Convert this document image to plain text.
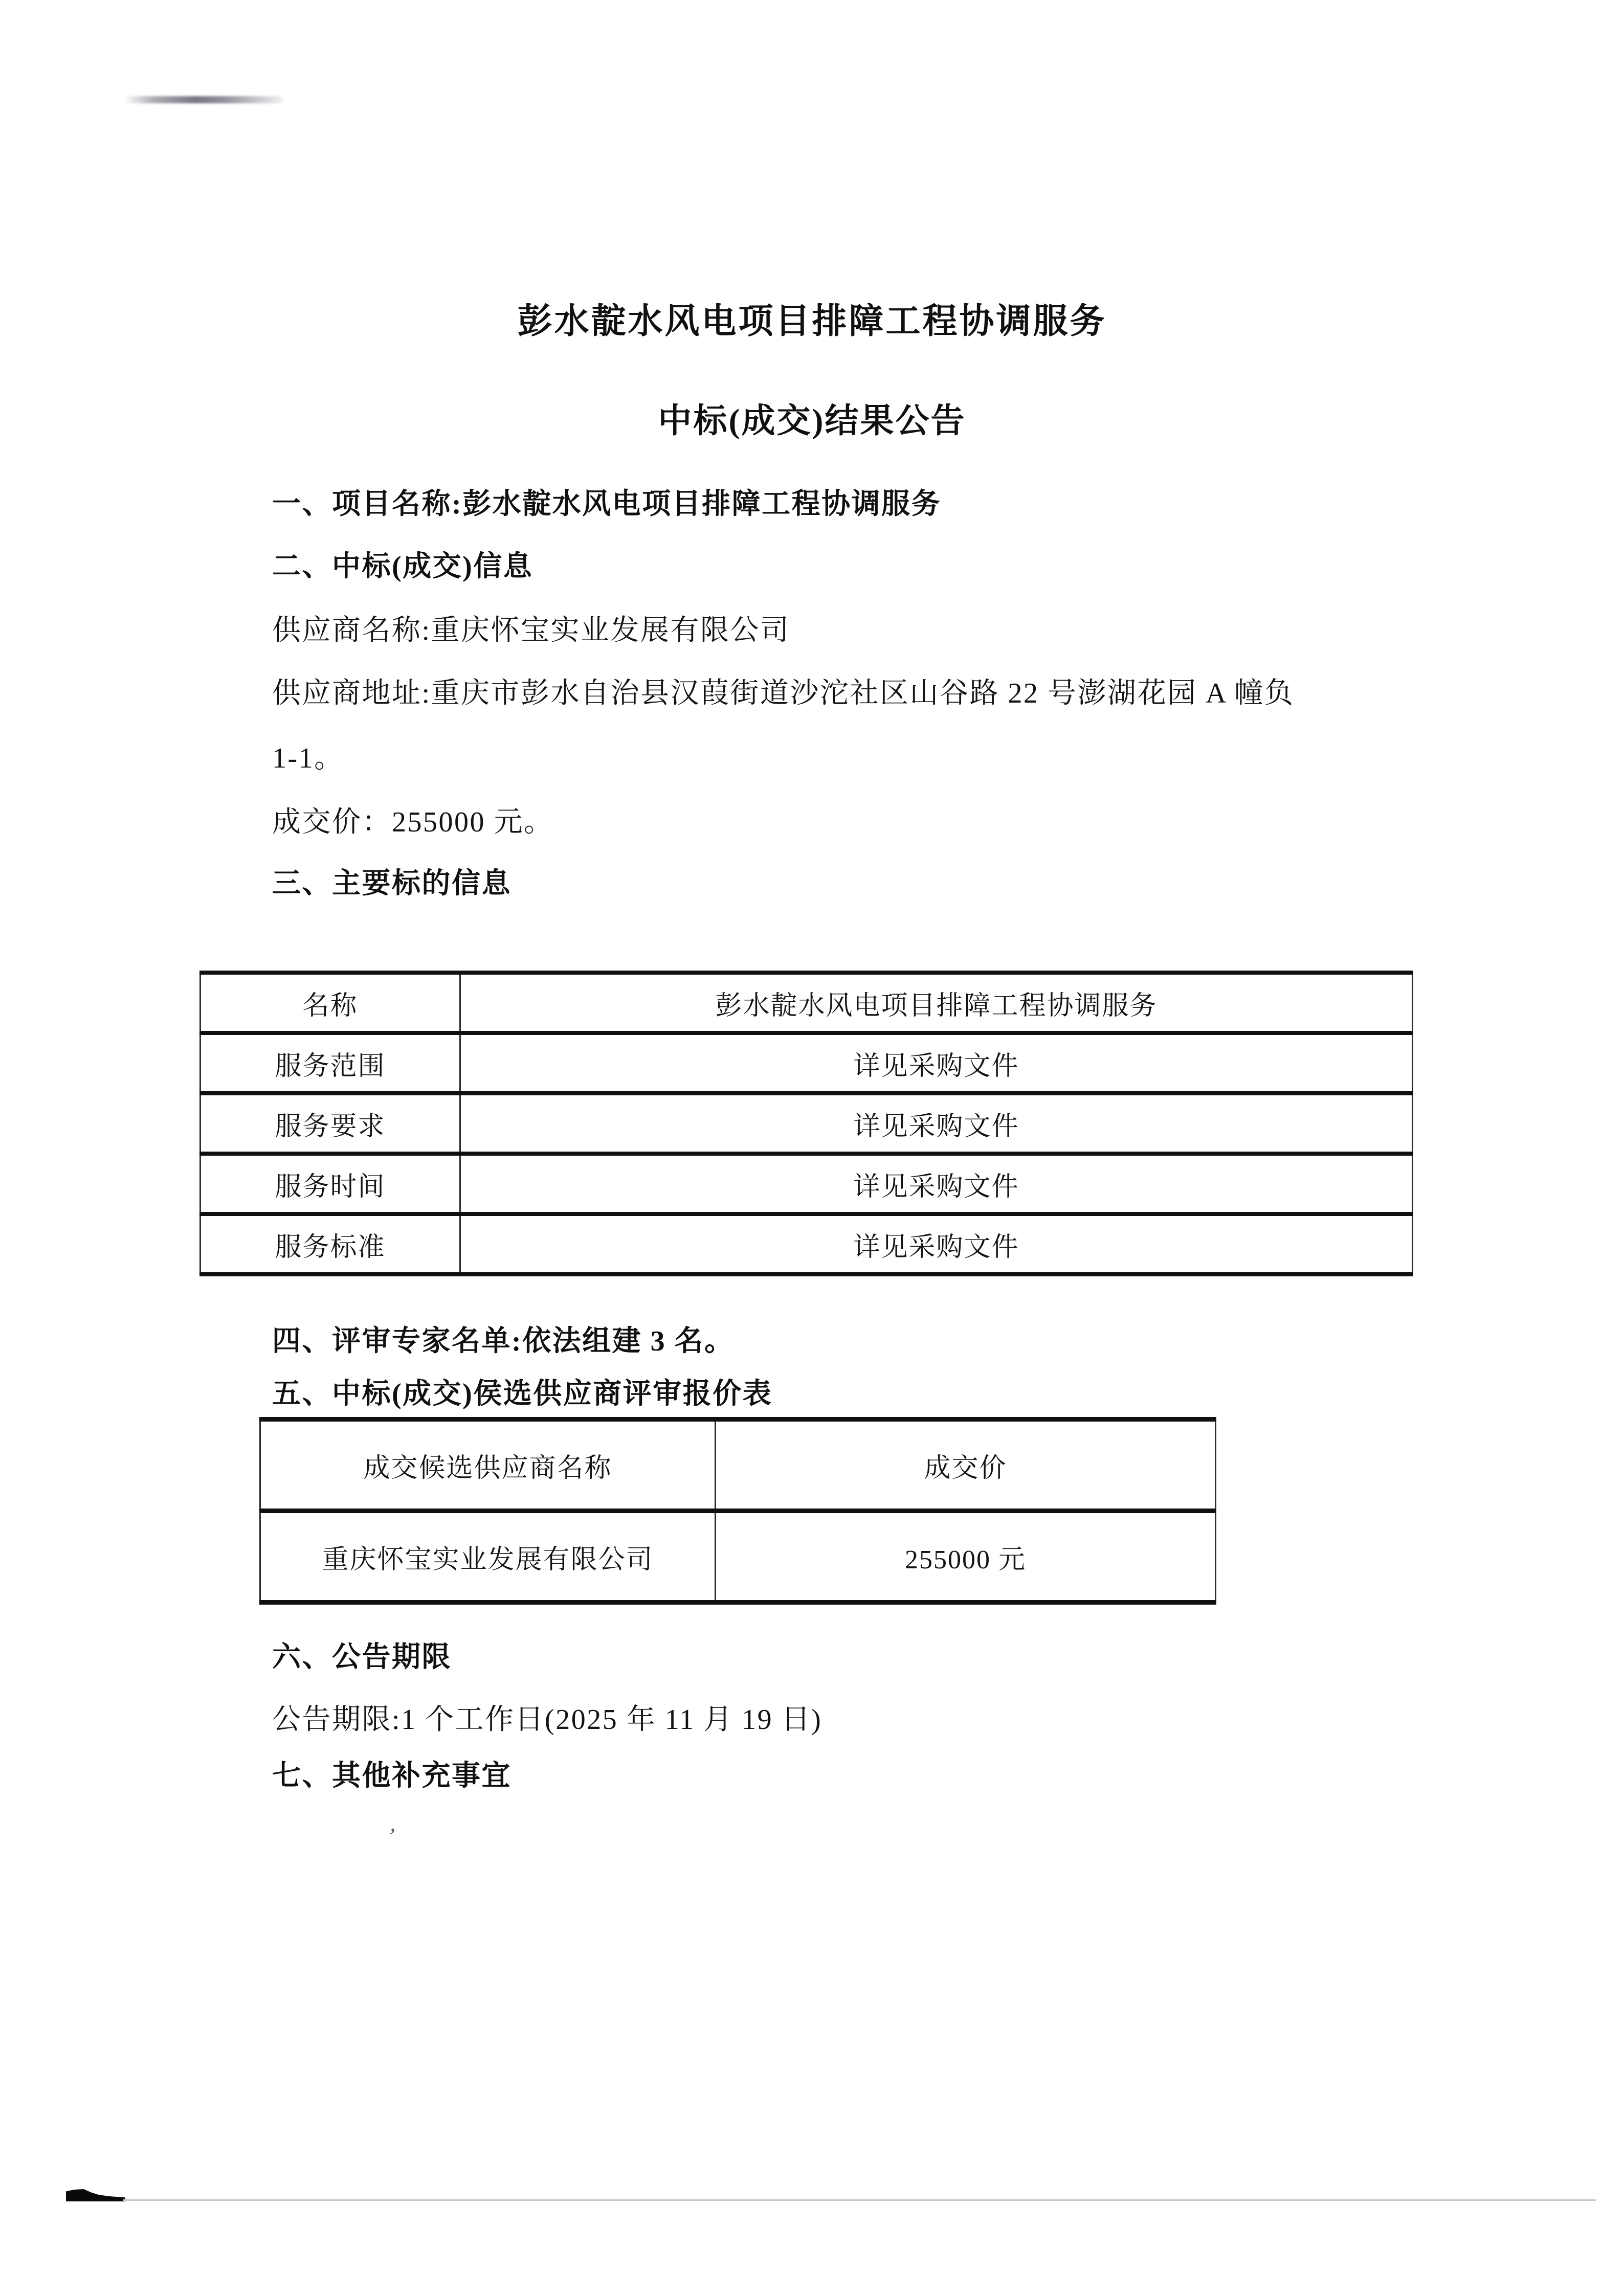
彭水靛水风电项目排障工程协调服务
中标(成交)结果公告

一、项目名称:彭水靛水风电项目排障工程协调服务

二、中标(成交)信息

供应商名称:重庆怀宝实业发展有限公司

供应商地址:重庆市彭水自治县汉葭街道沙沱社区山谷路 22 号澎湖花园 A 幢负

1-1。

成交价：255000 元。

三、主要标的信息

名称	彭水靛水风电项目排障工程协调服务
服务范围	详见采购文件
服务要求	详见采购文件
服务时间	详见采购文件
服务标准	详见采购文件

四、评审专家名单:依法组建 3 名。

五、中标(成交)侯选供应商评审报价表

成交候选供应商名称	成交价
重庆怀宝实业发展有限公司	255000 元

六、公告期限

公告期限:1 个工作日(2025 年 11 月 19 日)

七、其他补充事宜

’
